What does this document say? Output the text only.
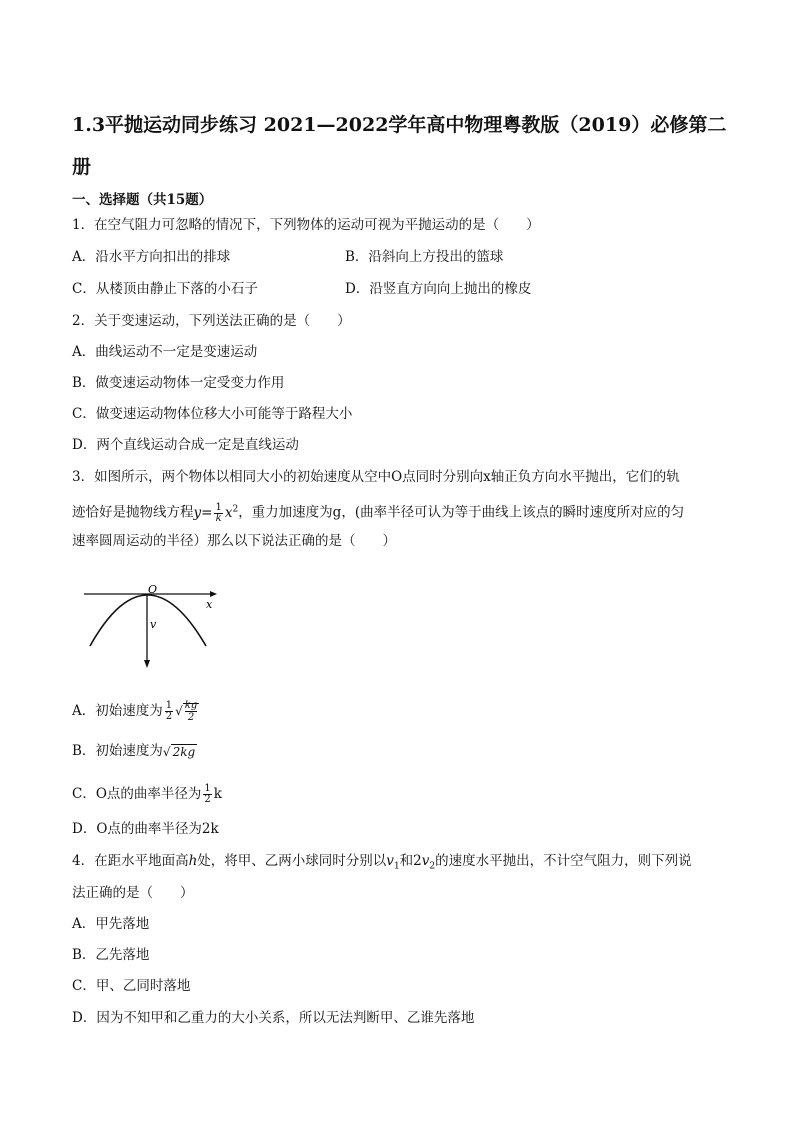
1.3平抛运动同步练习 2021—2022学年高中物理粤教版（2019）必修第二册

一、选择题（共15题）

1．在空气阻力可忽略的情况下，下列物体的运动可视为平抛运动的是（　　）

A．沿水平方向扣出的排球	B．沿斜向上方投出的篮球

C．从楼顶由静止下落的小石子	D．沿竖直方向向上抛出的橡皮

2．关于变速运动，下列送法正确的是（　　）

A．曲线运动不一定是变速运动

B．做变速运动物体一定受变力作用

C．做变速运动物体位移大小可能等于路程大小

D．两个直线运动合成一定是直线运动

3．如图所示，两个物体以相同大小的初始速度从空中O点同时分别向x轴正负方向水平抛出，它们的轨

迹恰好是抛物线方程$y= \frac{1}{k} x^2$，重力加速度为g，(曲率半径可认为等于曲线上该点的瞬时速度所对应的匀

速率圆周运动的半径）那么以下说法正确的是（　　）

O
x
v

A．初始速度为 $\frac{1}{2}$ √ $\frac{kg}{2}$

B．初始速度为√ 2kg

C．O点的曲率半径为 $\frac{1}{2}$ k

D．O点的曲率半径为2k

4．在距水平地面高h处，将甲、乙两小球同时分别以$v_1$和$2v_2$的速度水平抛出，不计空气阻力，则下列说

法正确的是（　　）

A．甲先落地

B．乙先落地

C．甲、乙同时落地

D．因为不知甲和乙重力的大小关系，所以无法判断甲、乙谁先落地
